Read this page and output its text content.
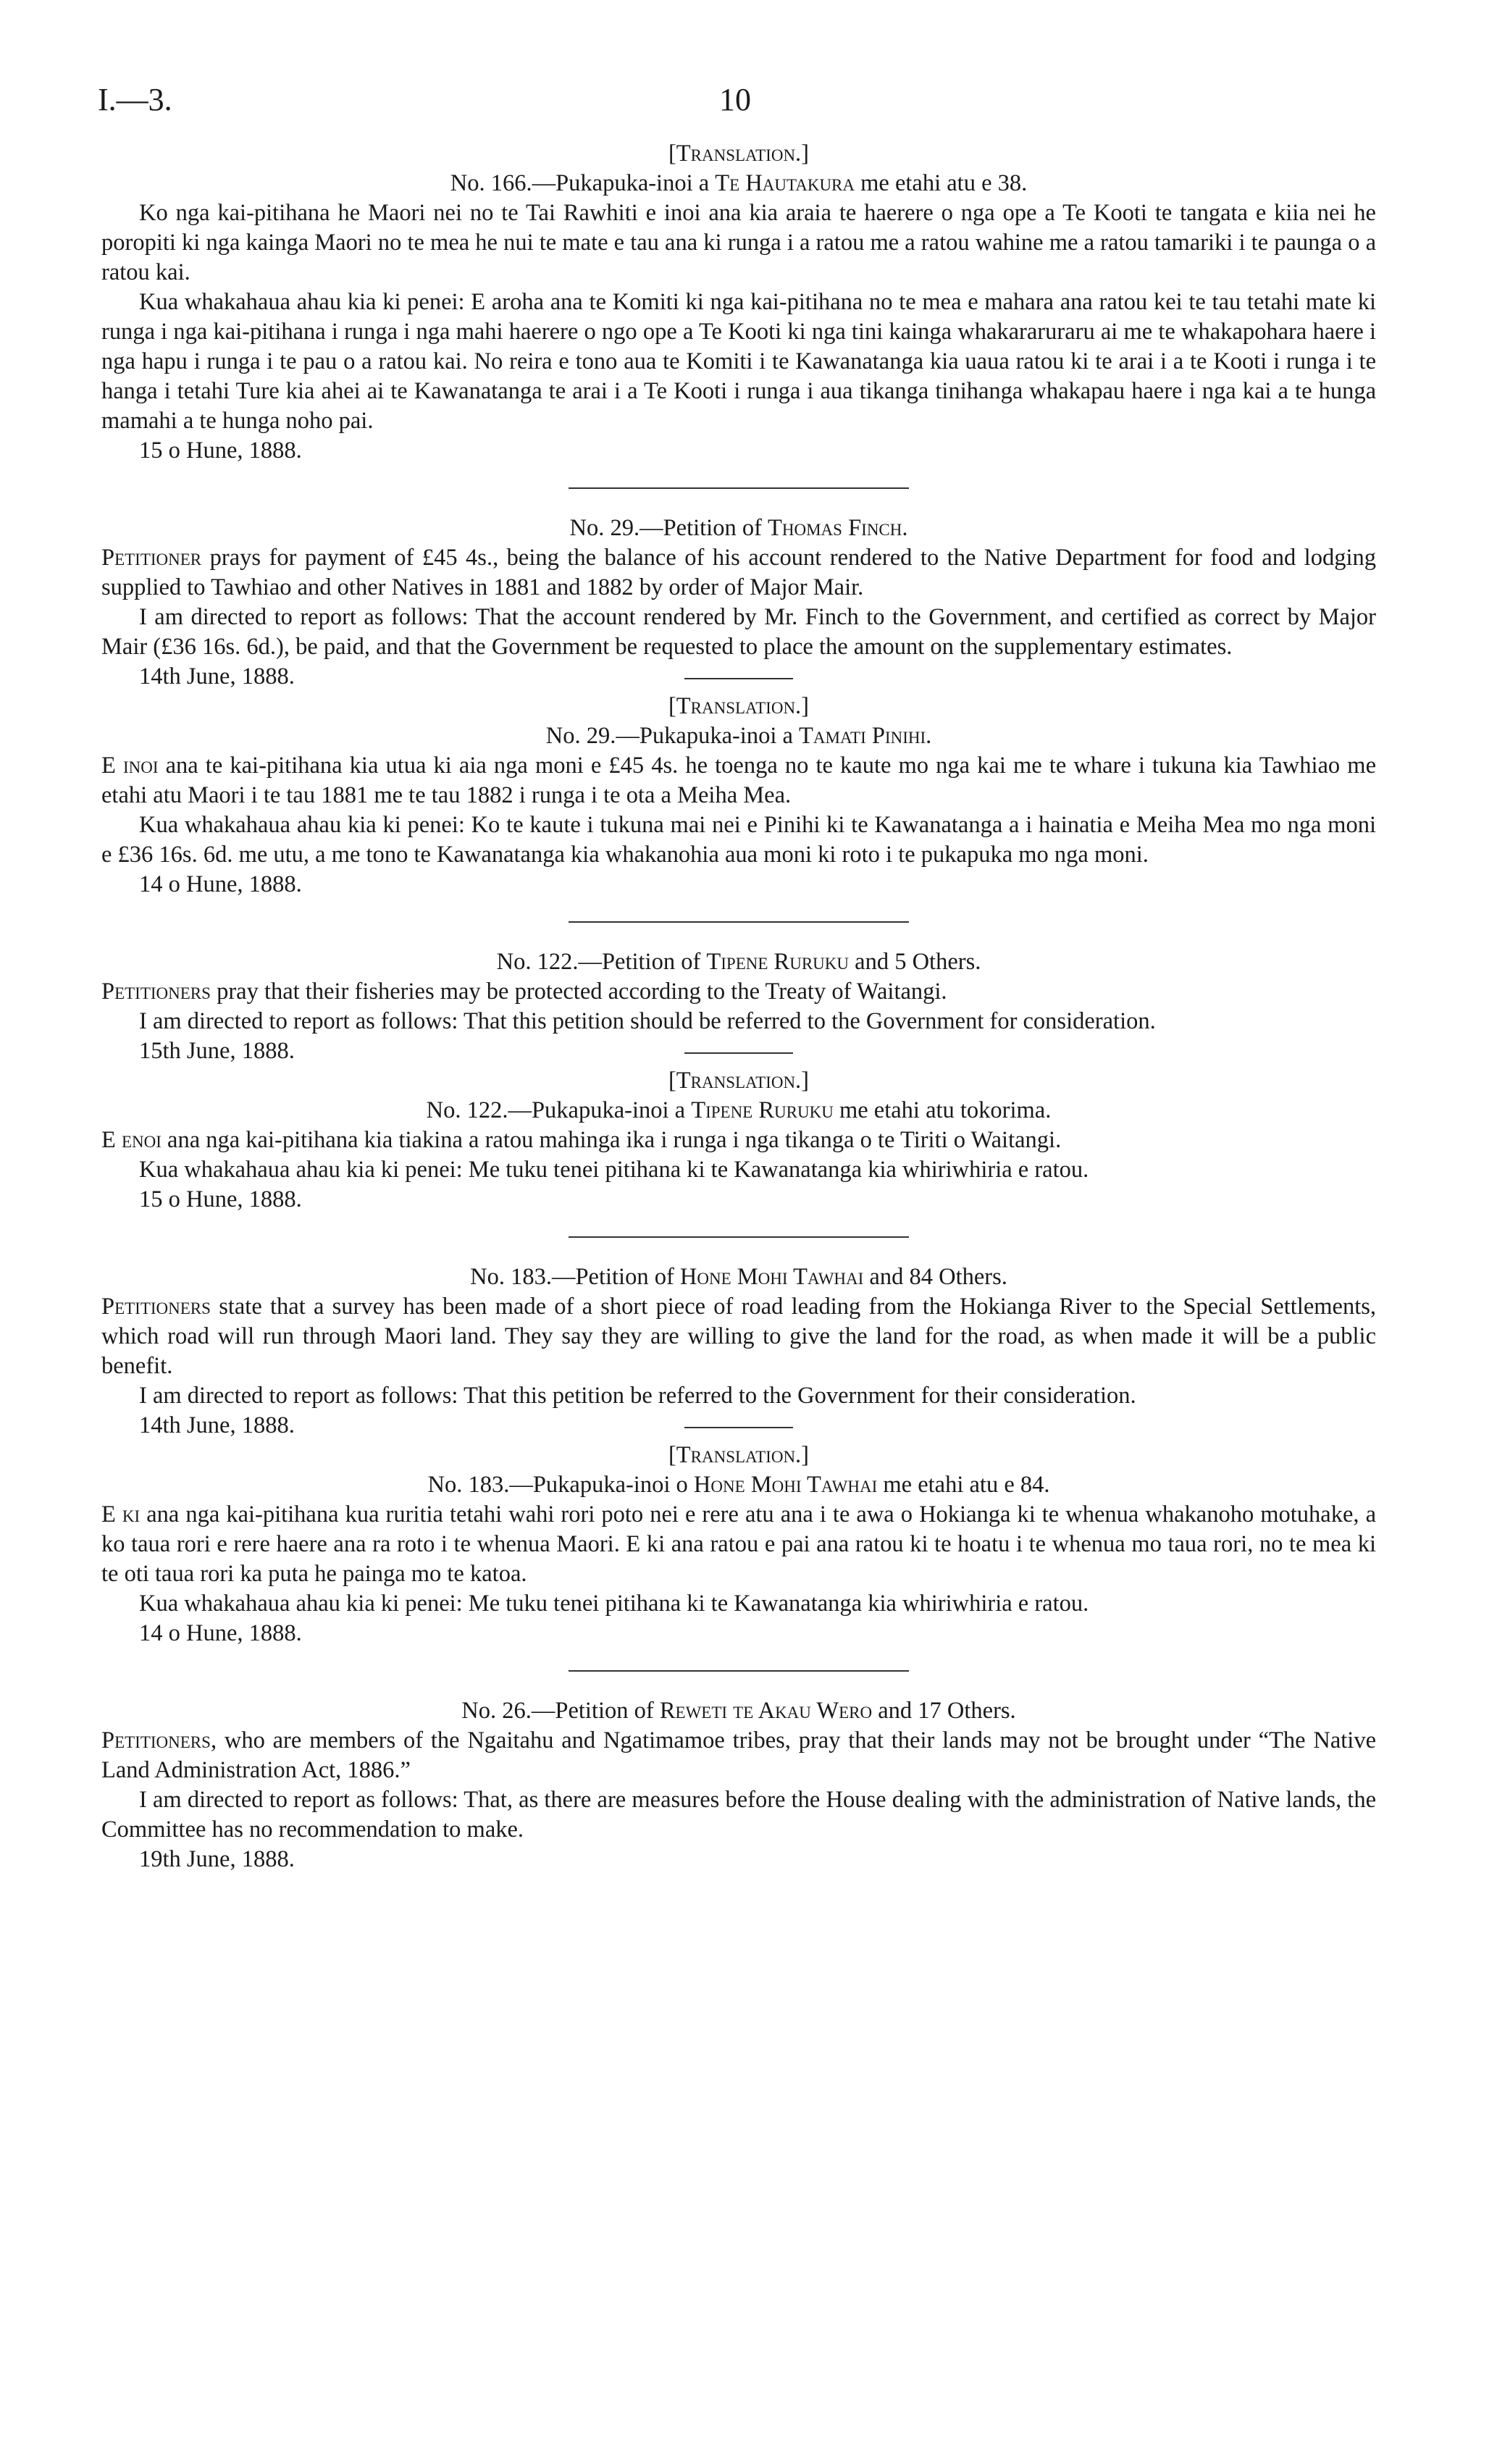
I.—3.	10
[Translation.]
No. 166.—Pukapuka-inoi a Te Hautakura me etahi atu e 38.

Ko nga kai-pitihana he Maori nei no te Tai Rawhiti e inoi ana kia araia te haerere o nga ope a Te Kooti te tangata e kiia nei he poropiti ki nga kainga Maori no te mea he nui te mate e tau ana ki runga i a ratou me a ratou wahine me a ratou tamariki i te paunga o a ratou kai.

Kua whakahaua ahau kia ki penei: E aroha ana te Komiti ki nga kai-pitihana no te mea e mahara ana ratou kei te tau tetahi mate ki runga i nga kai-pitihana i runga i nga mahi haerere o ngo ope a Te Kooti ki nga tini kainga whakararuraru ai me te whakapohara haere i nga hapu i runga i te pau o a ratou kai. No reira e tono aua te Komiti i te Kawanatanga kia uaua ratou ki te arai i a te Kooti i runga i te hanga i tetahi Ture kia ahei ai te Kawanatanga te arai i a Te Kooti i runga i aua tikanga tinihanga whakapau haere i nga kai a te hunga mamahi a te hunga noho pai.

15 o Hune, 1888.

No. 29.—Petition of Thomas Finch.

Petitioner prays for payment of £45 4s., being the balance of his account rendered to the Native Department for food and lodging supplied to Tawhiao and other Natives in 1881 and 1882 by order of Major Mair.

I am directed to report as follows: That the account rendered by Mr. Finch to the Government, and certified as correct by Major Mair (£36 16s. 6d.), be paid, and that the Government be requested to place the amount on the supplementary estimates.

14th June, 1888.
[Translation.]
No. 29.—Pukapuka-inoi a Tamati Pinihi.

E inoi ana te kai-pitihana kia utua ki aia nga moni e £45 4s. he toenga no te kaute mo nga kai me te whare i tukuna kia Tawhiao me etahi atu Maori i te tau 1881 me te tau 1882 i runga i te ota a Meiha Mea.

Kua whakahaua ahau kia ki penei: Ko te kaute i tukuna mai nei e Pinihi ki te Kawanatanga a i hainatia e Meiha Mea mo nga moni e £36 16s. 6d. me utu, a me tono te Kawanatanga kia whakanohia aua moni ki roto i te pukapuka mo nga moni.

14 o Hune, 1888.

No. 122.—Petition of Tipene Ruruku and 5 Others.

Petitioners pray that their fisheries may be protected according to the Treaty of Waitangi.

I am directed to report as follows: That this petition should be referred to the Government for consideration.

15th June, 1888.
[Translation.]
No. 122.—Pukapuka-inoi a Tipene Ruruku me etahi atu tokorima.

E enoi ana nga kai-pitihana kia tiakina a ratou mahinga ika i runga i nga tikanga o te Tiriti o Waitangi.

Kua whakahaua ahau kia ki penei: Me tuku tenei pitihana ki te Kawanatanga kia whiriwhiria e ratou.

15 o Hune, 1888.

No. 183.—Petition of Hone Mohi Tawhai and 84 Others.

Petitioners state that a survey has been made of a short piece of road leading from the Hokianga River to the Special Settlements, which road will run through Maori land. They say they are willing to give the land for the road, as when made it will be a public benefit.

I am directed to report as follows: That this petition be referred to the Government for their consideration.

14th June, 1888.
[Translation.]
No. 183.—Pukapuka-inoi o Hone Mohi Tawhai me etahi atu e 84.

E ki ana nga kai-pitihana kua ruritia tetahi wahi rori poto nei e rere atu ana i te awa o Hokianga ki te whenua whakanoho motuhake, a ko taua rori e rere haere ana ra roto i te whenua Maori. E ki ana ratou e pai ana ratou ki te hoatu i te whenua mo taua rori, no te mea ki te oti taua rori ka puta he painga mo te katoa.

Kua whakahaua ahau kia ki penei: Me tuku tenei pitihana ki te Kawanatanga kia whiriwhiria e ratou.

14 o Hune, 1888.

No. 26.—Petition of Reweti te Akau Wero and 17 Others.

Petitioners, who are members of the Ngaitahu and Ngatimamoe tribes, pray that their lands may not be brought under “The Native Land Administration Act, 1886.”

I am directed to report as follows: That, as there are measures before the House dealing with the administration of Native lands, the Committee has no recommendation to make.

19th June, 1888.
